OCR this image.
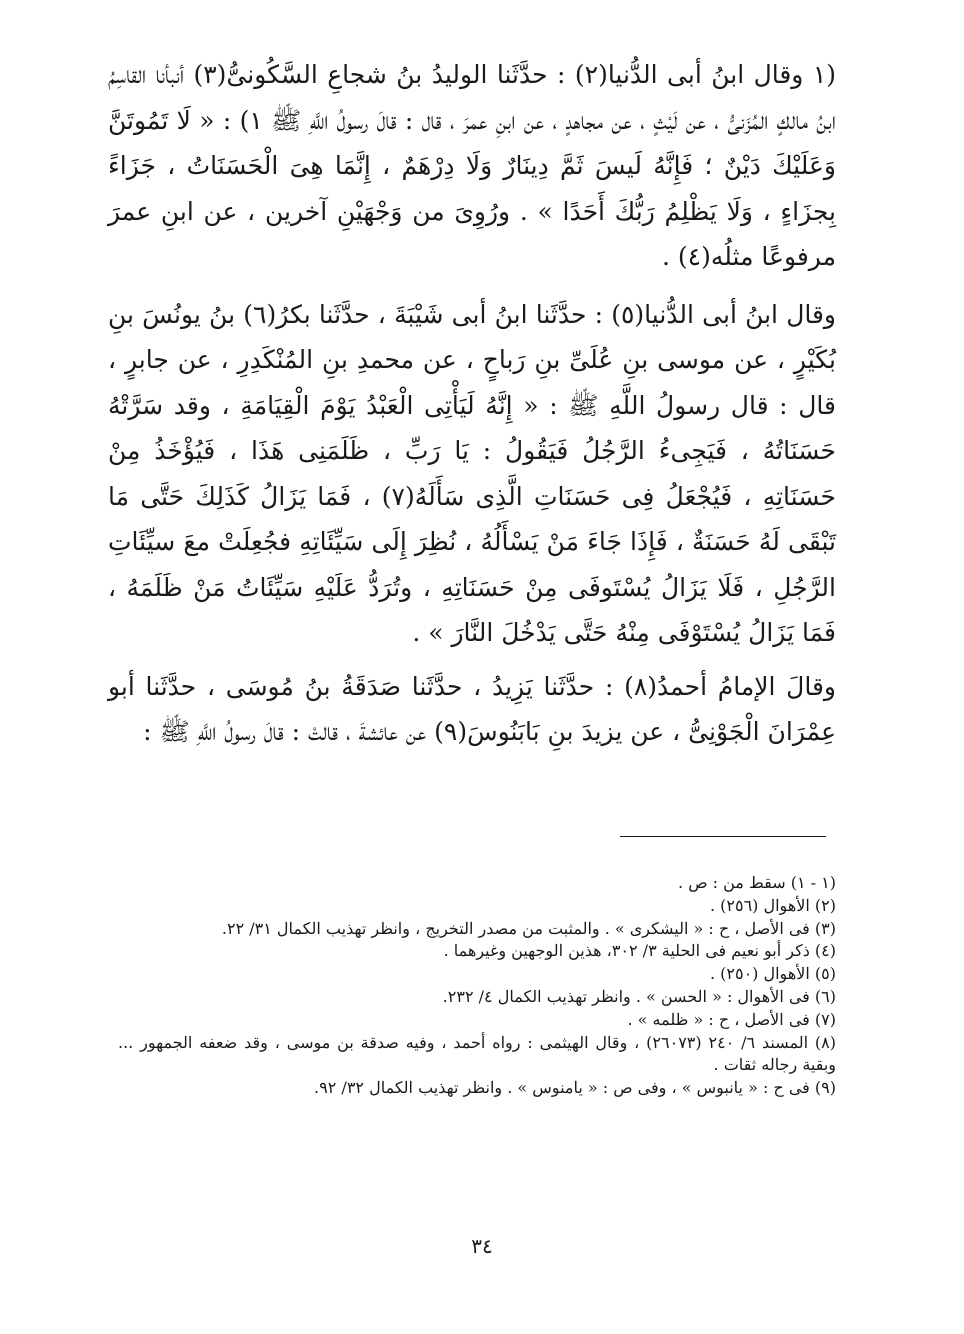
(١ وقال ابنُ أبى الدُّنيا(٢) : حدَّثَنا الوليدُ بنُ شجاعِ السَّكُونىُّ(٣) أنبأنا القاسِمُ ابنُ مالكٍ المُزَنىُّ ، عن لَيْثٍ ، عن مجاهدٍ ، عن ابنِ عمرَ ، قال : قالَ رسولُ اللَّهِ ﷺ ١) : « لَا تَمُوتَنَّ وَعَلَيْكَ دَيْنٌ ؛ فَإِنَّهُ لَيسَ ثَمَّ دِينَارٌ وَلَا دِرْهَمٌ ، إِنَّمَا هِىَ الْحَسَنَاتُ ، جَزَاءً بِجزَاءٍ ، وَلَا يَظْلِمُ رَبُّكَ أَحَدًا » . ورُوِىَ من وَجْهَيْنِ آخرين ، عن ابنِ عمرَ مرفوعًا مثلُه(٤) .

وقال ابنُ أبى الدُّنيا(٥) : حدَّثَنا ابنُ أبى شَيْبَةَ ، حدَّثَنا بكرُ(٦) بنُ يونُسَ بنِ بُكَيْرٍ ، عن موسى بنِ عُلَىِّ بنِ رَباحٍ ، عن محمدِ بنِ المُنْكَدِرِ ، عن جابرٍ ، قال : قال رسولُ اللَّهِ ﷺ : « إِنَّهُ لَيَأْتِى الْعَبْدُ يَوْمَ الْقِيَامَةِ ، وقد سَرَّتْهُ حَسَنَاتُهُ ، فَيَجِىءُ الرَّجُلُ فَيَقُولُ : يَا رَبِّ ، ظَلَمَنِى هَذَا ، فَيُؤْخَذُ مِنْ حَسَنَاتِهِ ، فَيُجْعَلُ فِى حَسَنَاتِ الَّذِى سَأَلَهُ(٧) ، فَمَا يَزَالُ كَذَلِكَ حَتَّى مَا تَبْقَى لَهُ حَسَنَةٌ ، فَإِذَا جَاءَ مَنْ يَسْأَلُهُ ، نُظِرَ إِلَى سَيِّئَاتِهِ فجُعِلَتْ معَ سيِّئَاتِ الرَّجُلِ ، فَلَا يَزَالُ يُسْتَوفَى مِنْ حَسَنَاتِهِ ، وتُرَدُّ عَلَيْهِ سَيِّئَاتُ مَنْ ظَلَمَهُ ، فَمَا يَزَالُ يُسْتَوْفَى مِنْهُ حَتَّى يَدْخُلَ النَّارَ » .

وقالَ الإمامُ أحمدُ(٨) : حدَّثَنا يَزِيدُ ، حدَّثَنا صَدَقَةُ بنُ مُوسَى ، حدَّثَنا أبو عِمْرَانَ الْجَوْنِىُّ ، عن يزيدَ بنِ بَابَنُوسَ(٩) عن عائشةَ ، قالتْ : قالَ رسولُ اللَّهِ ﷺ :

(١ - ١) سقط من : ص .

(٢) الأهوال (٢٥٦) .

(٣) فى الأصل ، ح : « اليشكرى » . والمثبت من مصدر التخريج ، وانظر تهذيب الكمال ٣١/ ٢٢.

(٤) ذكر أبو نعيم فى الحلية ٣/ ٣٠٢، هذين الوجهين وغيرهما .

(٥) الأهوال (٢٥٠) .

(٦) فى الأهوال : « الحسن » . وانظر تهذيب الكمال ٤/ ٢٣٢.

(٧) فى الأصل ، ح : « ظلمه » .

(٨) المسند ٦/ ٢٤٠ (٢٦٠٧٣) ، وقال الهيثمى : رواه أحمد ، وفيه صدقة بن موسى ، وقد ضعفه الجمهور ... وبقية رجاله ثقات .

(٩) فى ح : « يانبوس » ، وفى ص : « يامنوس » . وانظر تهذيب الكمال ٣٢/ ٩٢.

٣٤
